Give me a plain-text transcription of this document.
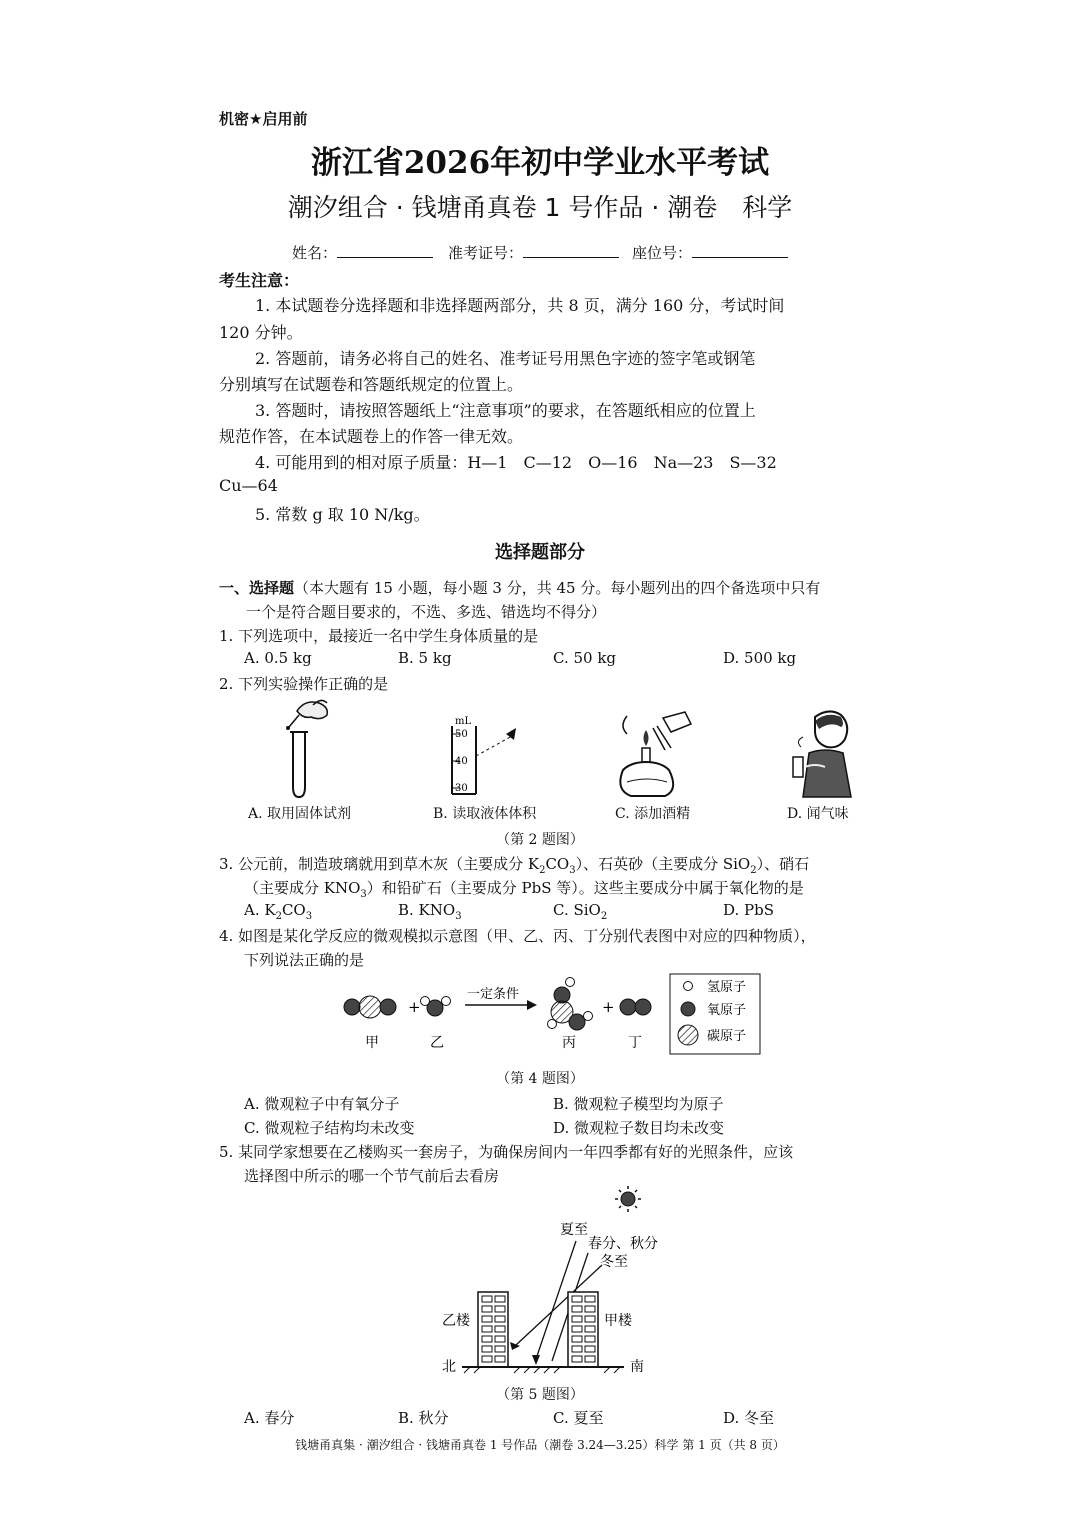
机密★启用前
浙江省2026年初中学业水平考试
潮汐组合 · 钱塘甬真卷 1 号作品 · 潮卷　科学
姓名：	准考证号：	座位号：
考生注意：
1. 本试题卷分选择题和非选择题两部分，共 8 页，满分 160 分，考试时间
120 分钟。
2. 答题前，请务必将自己的姓名、准考证号用黑色字迹的签字笔或钢笔
分别填写在试题卷和答题纸规定的位置上。
3. 答题时，请按照答题纸上“注意事项”的要求，在答题纸相应的位置上
规范作答，在本试题卷上的作答一律无效。
4. 可能用到的相对原子质量：H—1　C—12　O—16　Na—23　S—32
Cu—64
5. 常数 g 取 10 N/kg。
选择题部分
一、选择题（本大题有 15 小题，每小题 3 分，共 45 分。每小题列出的四个备选项中只有
一个是符合题目要求的，不选、多选、错选均不得分）
1. 下列选项中，最接近一名中学生身体质量的是
A. 0.5 kg	B. 5 kg	C. 50 kg	D. 500 kg
2. 下列实验操作正确的是
mL
50
40
30
A. 取用固体试剂	B. 读取液体体积	C. 添加酒精	D. 闻气味
（第 2 题图）
3. 公元前，制造玻璃就用到草木灰（主要成分 $K_2CO_3$）、石英砂（主要成分 SiO$_2$）、硝石
（主要成分 $KNO_3$）和铅矿石（主要成分 PbS 等）。这些主要成分中属于氧化物的是
A. $K_2CO_3$	B. $KNO_3$	C. SiO$_2$	D. PbS
4. 如图是某化学反应的微观模拟示意图（甲、乙、丙、丁分别代表图中对应的四种物质），
下列说法正确的是
+
一定条件
+
甲	乙	丙	丁
氢原子
氧原子
碳原子
（第 4 题图）
A. 微观粒子中有氧分子	B. 微观粒子模型均为原子
C. 微观粒子结构均未改变	D. 微观粒子数目均未改变
5. 某同学家想要在乙楼购买一套房子，为确保房间内一年四季都有好的光照条件，应该
选择图中所示的哪一个节气前后去看房
夏至
春分、秋分
冬至
乙楼	甲楼
北	南
（第 5 题图）
A. 春分	B. 秋分	C. 夏至	D. 冬至
钱塘甬真集 · 潮汐组合 · 钱塘甬真卷 1 号作品（潮卷 3.24—3.25）科学 第 1 页（共 8 页）
